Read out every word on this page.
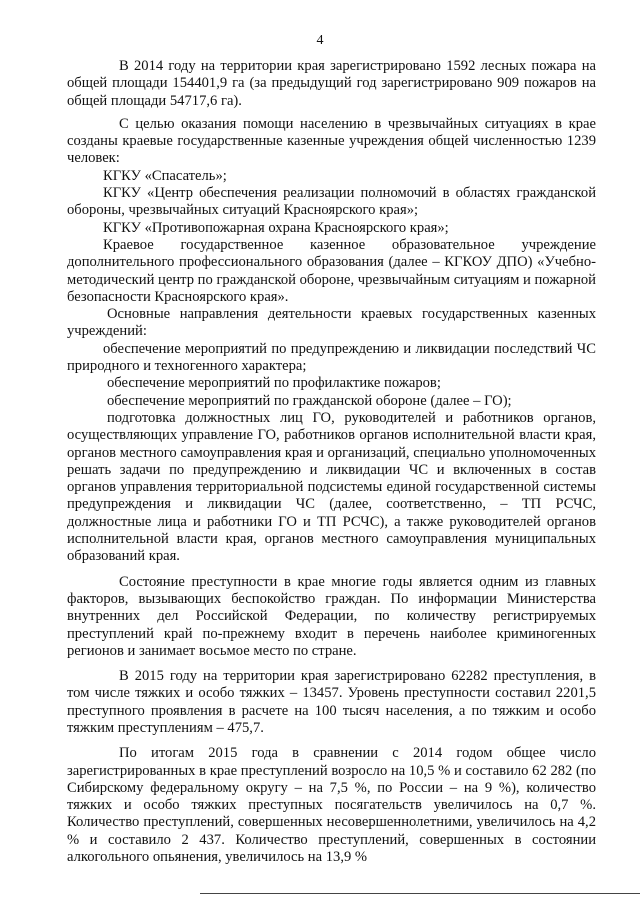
4

В 2014 году на территории края зарегистрировано 1592 лесных пожара на общей площади 154401,9 га (за предыдущий год зарегистрировано 909 пожаров на общей площади 54717,6 га).

С целью оказания помощи населению в чрезвычайных ситуациях в крае созданы краевые государственные казенные учреждения общей численностью 1239 человек:

КГКУ «Спасатель»;

КГКУ «Центр обеспечения реализации полномочий в областях гражданской обороны, чрезвычайных ситуаций Красноярского края»;

КГКУ «Противопожарная охрана Красноярского края»;

Краевое государственное казенное образовательное учреждение дополнительного профессионального образования (далее – КГКОУ ДПО) «Учебно-методический центр по гражданской обороне, чрезвычайным ситуациям и пожарной безопасности Красноярского края».

Основные направления деятельности краевых государственных казенных учреждений:

обеспечение мероприятий по предупреждению и ликвидации последствий ЧС природного и техногенного характера;

обеспечение мероприятий по профилактике пожаров;

обеспечение мероприятий по гражданской обороне (далее – ГО);

подготовка должностных лиц ГО, руководителей и работников органов, осуществляющих управление ГО, работников органов исполнительной власти края, органов местного самоуправления края и организаций, специально уполномоченных решать задачи по предупреждению и ликвидации ЧС и включенных в состав органов управления территориальной подсистемы единой государственной системы предупреждения и ликвидации ЧС (далее, соответственно, – ТП РСЧС, должностные лица и работники ГО и ТП РСЧС), а также руководителей органов исполнительной власти края, органов местного самоуправления муниципальных образований края.

Состояние преступности в крае многие годы является одним из главных факторов, вызывающих беспокойство граждан. По информации Министерства внутренних дел Российской Федерации, по количеству регистрируемых преступлений край по-прежнему входит в перечень наиболее криминогенных регионов и занимает восьмое место по стране.

В 2015 году на территории края зарегистрировано 62282 преступления, в том числе тяжких и особо тяжких – 13457. Уровень преступности составил 2201,5 преступного проявления в расчете на 100 тысяч населения, а по тяжким и особо тяжким преступлениям – 475,7.

По итогам 2015 года в сравнении с 2014 годом общее число зарегистрированных в крае преступлений возросло на 10,5 % и составило 62 282 (по Сибирскому федеральному округу – на 7,5 %, по России – на 9 %), количество тяжких и особо тяжких преступных посягательств увеличилось на 0,7 %. Количество преступлений, совершенных несовершеннолетними, увеличилось на 4,2 % и составило 2 437. Количество преступлений, совершенных в состоянии алкогольного опьянения, увеличилось на 13,9 %
